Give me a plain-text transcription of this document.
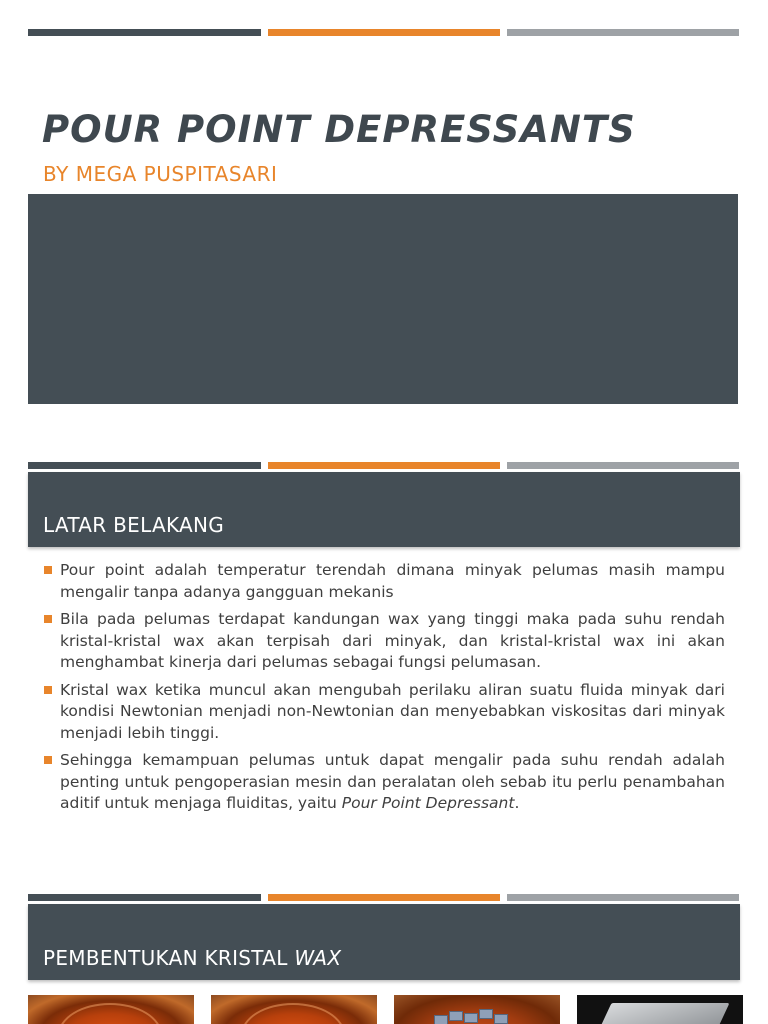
POUR POINT DEPRESSANTS
BY MEGA PUSPITASARI
LATAR BELAKANG
Pour point adalah temperatur terendah dimana minyak pelumas masih mampu mengalir tanpa adanya gangguan mekanis
Bila pada pelumas terdapat kandungan wax yang tinggi maka pada suhu rendah kristal-kristal wax akan terpisah dari minyak, dan kristal-kristal wax ini akan menghambat kinerja dari pelumas sebagai fungsi pelumasan.
Kristal wax ketika muncul akan mengubah perilaku aliran suatu fluida minyak dari kondisi Newtonian menjadi non-Newtonian dan menyebabkan viskositas dari minyak menjadi lebih tinggi.
Sehingga kemampuan pelumas untuk dapat mengalir pada suhu rendah adalah penting untuk pengoperasian mesin dan peralatan oleh sebab itu perlu penambahan aditif untuk menjaga fluiditas, yaitu Pour Point Depressant.
PEMBENTUKAN KRISTAL WAX
